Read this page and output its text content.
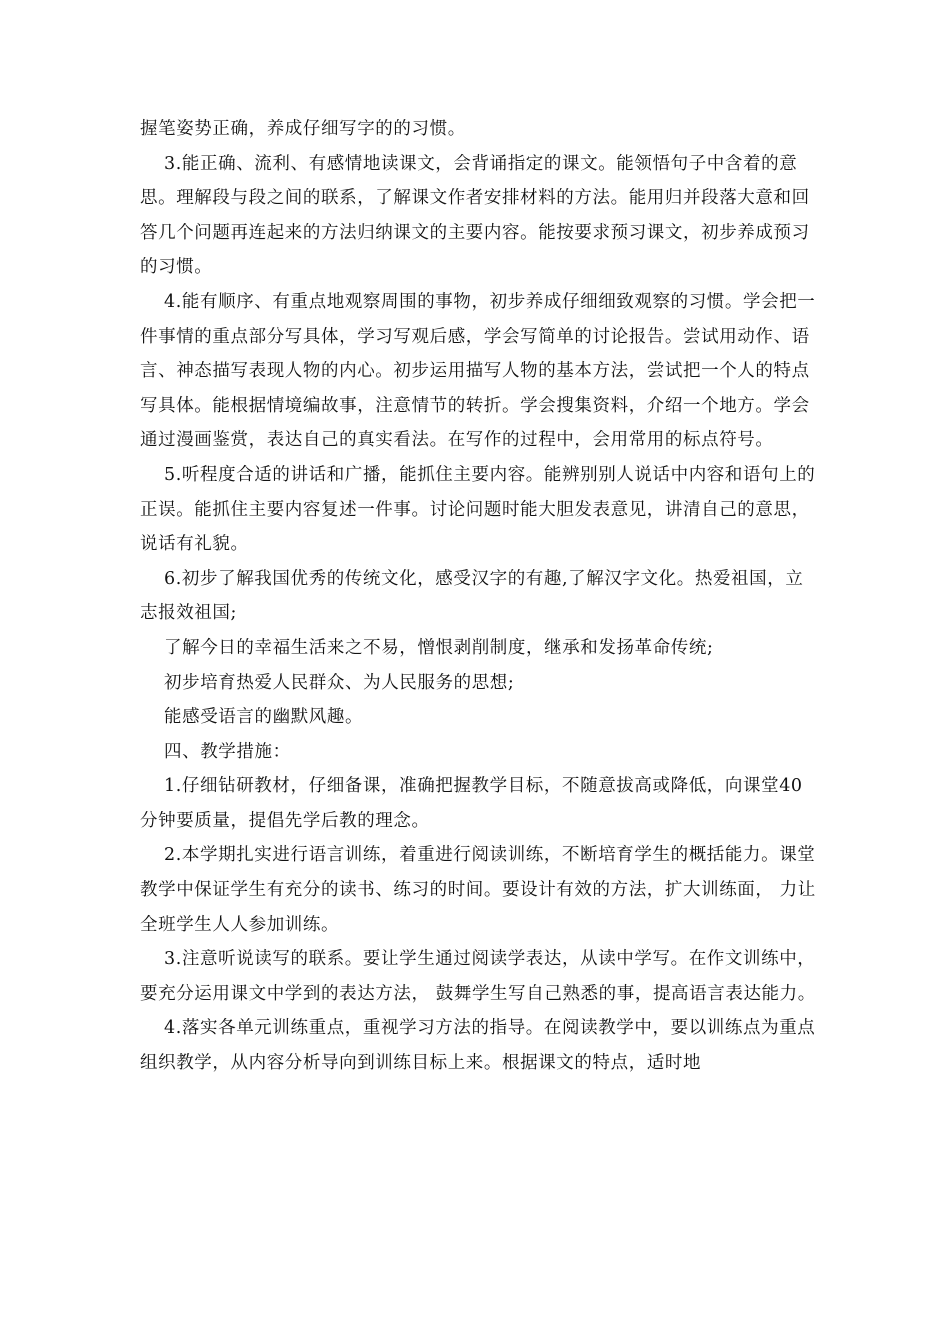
握笔姿势正确，养成仔细写字的的习惯。

3.能正确、流利、有感情地读课文，会背诵指定的课文。能领悟句子中含着的意思。理解段与段之间的联系，了解课文作者安排材料的方法。能用归并段落大意和回答几个问题再连起来的方法归纳课文的主要内容。能按要求预习课文，初步养成预习的习惯。

4.能有顺序、有重点地观察周围的事物，初步养成仔细细致观察的习惯。学会把一件事情的重点部分写具体，学习写观后感，学会写简单的讨论报告。尝试用动作、语言、神态描写表现人物的内心。初步运用描写人物的基本方法，尝试把一个人的特点写具体。能根据情境编故事，注意情节的转折。学会搜集资料，介绍一个地方。学会通过漫画鉴赏，表达自己的真实看法。在写作的过程中，会用常用的标点符号。

5.听程度合适的讲话和广播，能抓住主要内容。能辨别别人说话中内容和语句上的正误。能抓住主要内容复述一件事。讨论问题时能大胆发表意见，讲清自己的意思，说话有礼貌。

6.初步了解我国优秀的传统文化，感受汉字的有趣,了解汉字文化。热爱祖国，立志报效祖国;

了解今日的幸福生活来之不易，憎恨剥削制度，继承和发扬革命传统;

初步培育热爱人民群众、为人民服务的思想;

能感受语言的幽默风趣。

四、教学措施：

1.仔细钻研教材，仔细备课，准确把握教学目标，不随意拔高或降低，向课堂40分钟要质量，提倡先学后教的理念。

2.本学期扎实进行语言训练，着重进行阅读训练，不断培育学生的概括能力。课堂教学中保证学生有充分的读书、练习的时间。要设计有效的方法，扩大训练面， 力让全班学生人人参加训练。

3.注意听说读写的联系。要让学生通过阅读学表达，从读中学写。在作文训练中，要充分运用课文中学到的表达方法， 鼓舞学生写自己熟悉的事，提高语言表达能力。

4.落实各单元训练重点，重视学习方法的指导。在阅读教学中，要以训练点为重点组织教学，从内容分析导向到训练目标上来。根据课文的特点，适时地
